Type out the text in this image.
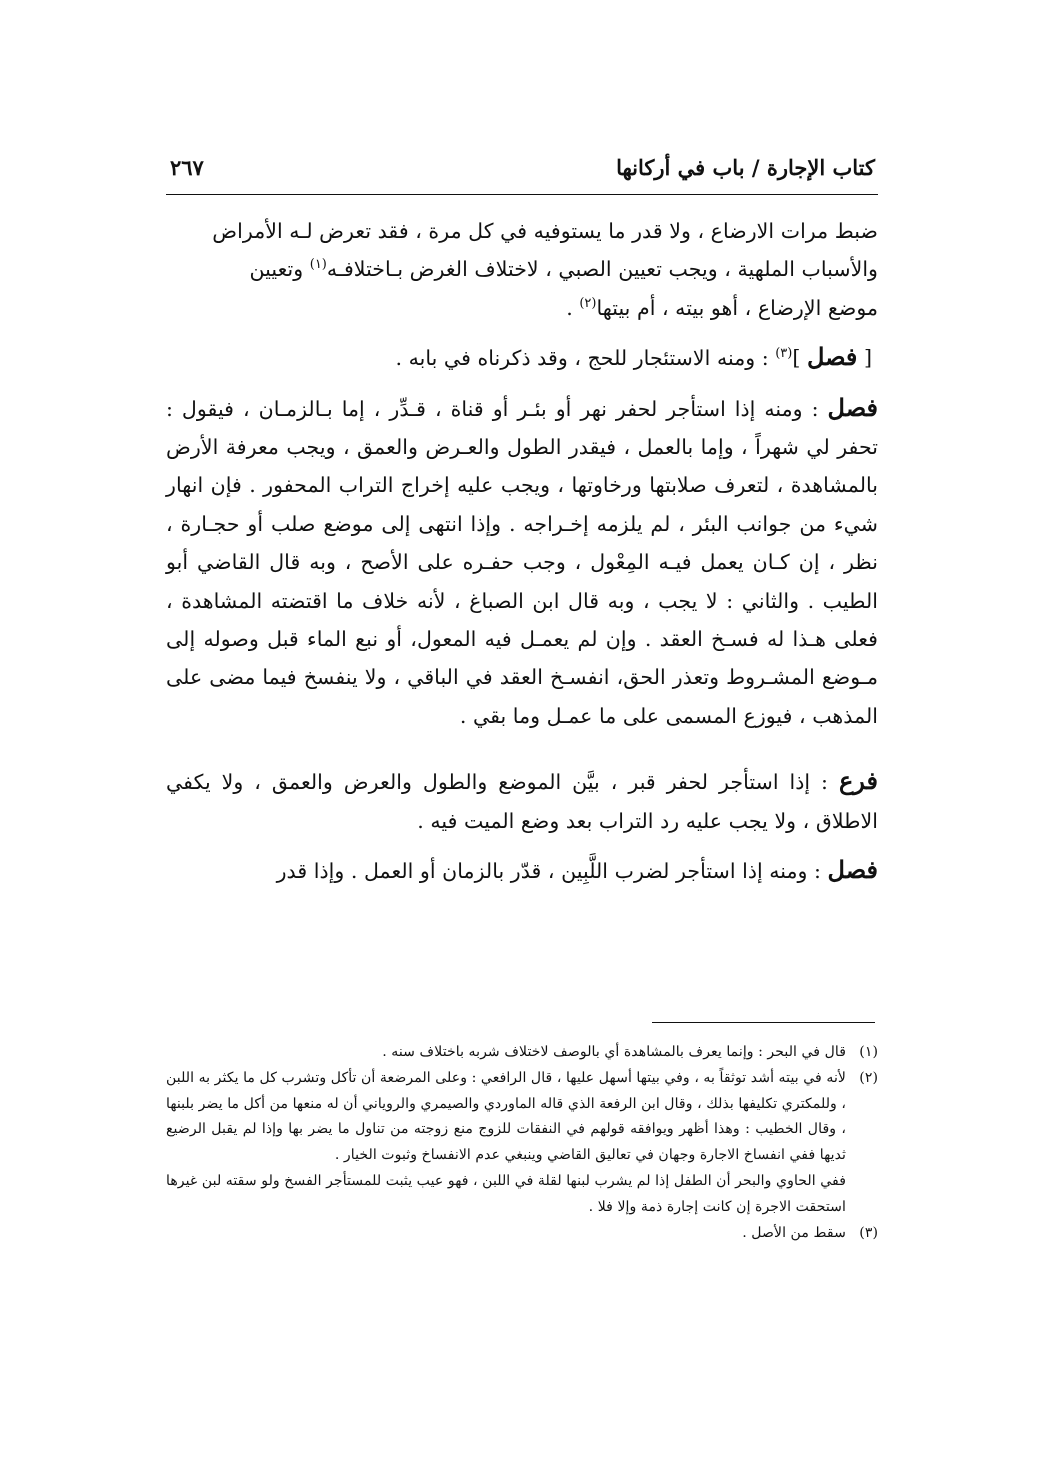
كتاب الإجارة / باب في أركانها
٢٦٧

ضبط مرات الارضاع ، ولا قدر ما يستوفيه في كل مرة ، فقد تعرض لـه الأمراض
والأسباب الملهية ، ويجب تعيين الصبي ، لاختلاف الغرض بـاختلافـه$^{(١)}$ وتعيين
موضع الإرضاع ، أهو بيته ، أم بيتها$^{(٢)}$ .

[ فصل ]$^{(٣)}$ : ومنه الاستئجار للحج ، وقد ذكرناه في بابه .

فصل : ومنه إذا استأجر لحفر نهر أو بئـر أو قناة ، قـدِّر ، إما بـالزمـان ، فيقول : تحفر لي شهراً ، وإما بالعمل ، فيقدر الطول والعـرض والعمق ، ويجب معرفة الأرض بالمشاهدة ، لتعرف صلابتها ورخاوتها ، ويجب عليه إخراج التراب المحفور . فإن انهار شيء من جوانب البئر ، لم يلزمه إخـراجه . وإذا انتهى إلى موضع صلب أو حجـارة ، نظر ، إن كـان يعمل فيـه المِعْول ، وجب حفـره على الأصح ، وبه قال القاضي أبو الطيب . والثاني : لا يجب ، وبه قال ابن الصباغ ، لأنه خلاف ما اقتضته المشاهدة ، فعلى هـذا له فسـخ العقد . وإن لم يعمـل فيه المعول، أو نبع الماء قبل وصوله إلى مـوضع المشـروط وتعذر الحق، انفسـخ العقد في الباقي ، ولا ينفسخ فيما مضى على المذهب ، فيوزع المسمى على ما عمـل وما بقي .

فرع : إذا استأجر لحفر قبر ، بيَّن الموضع والطول والعرض والعمق ، ولا يكفي الاطلاق ، ولا يجب عليه رد التراب بعد وضع الميت فيه .

فصل : ومنه إذا استأجر لضرب اللَّبِين ، قدّر بالزمان أو العمل . وإذا قدر

(١)
قال في البحر : وإنما يعرف بالمشاهدة أي بالوصف لاختلاف شربه باختلاف سنه .
(٢)
لأنه في بيته أشد توثقاً به ، وفي بيتها أسهل عليها ، قال الرافعي : وعلى المرضعة أن تأكل وتشرب كل ما يكثر به اللبن ، وللمكتري تكليفها بذلك ، وقال ابن الرفعة الذي قاله الماوردي والصيمري والروياني أن له منعها من أكل ما يضر بلبنها ، وقال الخطيب : وهذا أظهر ويوافقه قولهم في النفقات للزوج منع زوجته من تناول ما يضر بها وإذا لم يقبل الرضيع ثديها ففي انفساخ الاجارة وجهان في تعاليق القاضي وينبغي عدم الانفساخ وثبوت الخيار .
ففي الحاوي والبحر أن الطفل إذا لم يشرب لبنها لقلة في اللبن ، فهو عيب يثبت للمستأجر الفسخ ولو سقته لبن غيرها استحقت الاجرة إن كانت إجارة ذمة وإلا فلا .
(٣)
سقط من الأصل .
